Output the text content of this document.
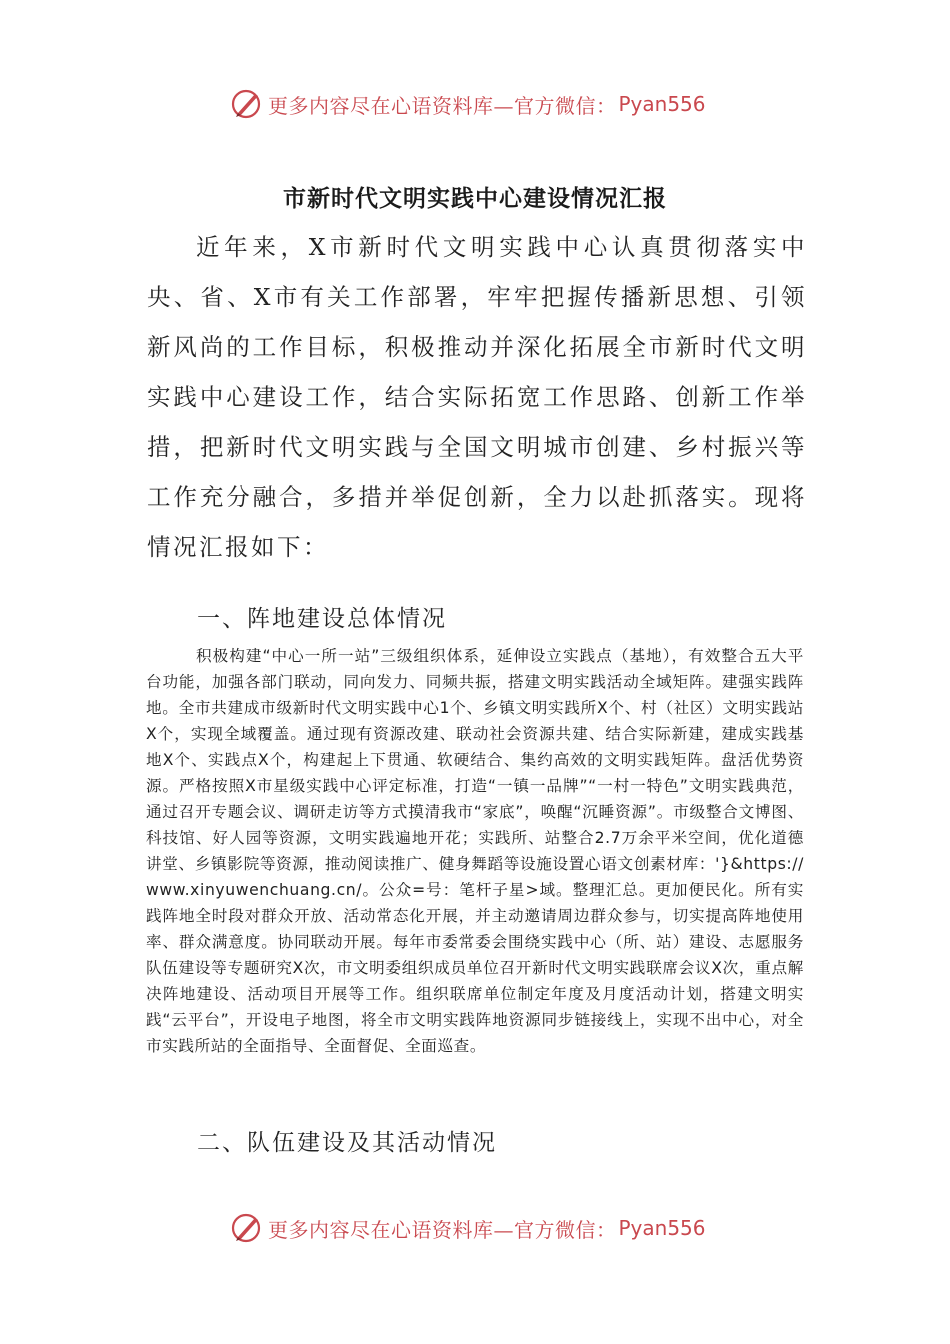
更多内容尽在心语资料库—官方微信： Pyan556
市新时代文明实践中心建设情况汇报

近年来，X市新时代文明实践中心认真贯彻落实中央、省、X市有关工作部署，牢牢把握传播新思想、引领新风尚的工作目标，积极推动并深化拓展全市新时代文明实践中心建设工作，结合实际拓宽工作思路、创新工作举措，把新时代文明实践与全国文明城市创建、乡村振兴等工作充分融合，多措并举促创新，全力以赴抓落实。现将情况汇报如下：

一、阵地建设总体情况

积极构建“中心一所一站”三级组织体系，延伸设立实践点（基地），有效整合五大平台功能，加强各部门联动，同向发力、同频共振，搭建文明实践活动全域矩阵。建强实践阵地。全市共建成市级新时代文明实践中心1个、乡镇文明实践所X个、村（社区）文明实践站X个，实现全域覆盖。通过现有资源改建、联动社会资源共建、结合实际新建，建成实践基地X个、实践点X个，构建起上下贯通、软硬结合、集约高效的文明实践矩阵。盘活优势资源。严格按照X市星级实践中心评定标准，打造“一镇一品牌”“一村一特色”文明实践典范，通过召开专题会议、调研走访等方式摸清我市“家底”，唤醒“沉睡资源”。市级整合文博图、科技馆、好人园等资源，文明实践遍地开花；实践所、站整合2.7万余平米空间，优化道德讲堂、乡镇影院等资源，推动阅读推广、健身舞蹈等设施设置心语文创素材库：'}&https://www.xinyuwenchuang.cn/。公众=号：笔杆子星>域。整理汇总。更加便民化。所有实践阵地全时段对群众开放、活动常态化开展，并主动邀请周边群众参与，切实提高阵地使用率、群众满意度。协同联动开展。每年市委常委会围绕实践中心（所、站）建设、志愿服务队伍建设等专题研究X次，市文明委组织成员单位召开新时代文明实践联席会议X次，重点解决阵地建设、活动项目开展等工作。组织联席单位制定年度及月度活动计划，搭建文明实践“云平台”，开设电子地图，将全市文明实践阵地资源同步链接线上，实现不出中心，对全市实践所站的全面指导、全面督促、全面巡查。

二、队伍建设及其活动情况
更多内容尽在心语资料库—官方微信： Pyan556
